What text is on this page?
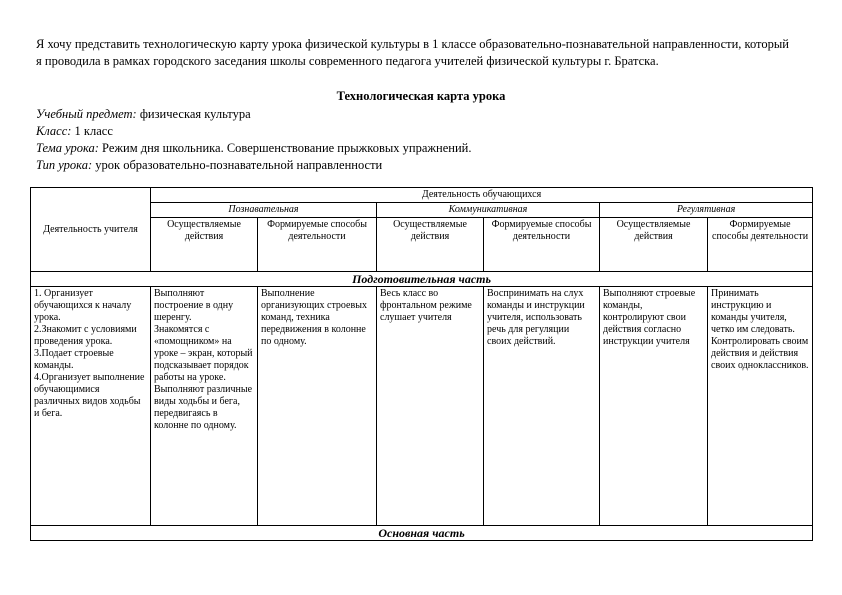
Я хочу представить технологическую карту урока физической культуры в 1 классе образовательно-познавательной направленности, который я проводила в рамках городского заседания школы современного педагога учителей физической культуры г. Братска.
Технологическая карта урока
Учебный предмет: физическая культура
Класс: 1 класс
Тема урока: Режим дня школьника. Совершенствование прыжковых упражнений.
Тип урока: урок образовательно-познавательной направленности
Деятельность учителя	Деятельность обучающихся					
	Познавательная		Коммуникативная		Регулятивная	
	Осуществляемые действия	Формируемые способы деятельности	Осуществляемые действия	Формируемые способы деятельности	Осуществляемые действия	Формируемые способы деятельности
Подготовительная часть						
1. Организует обучающихся к началу урока.
2.Знакомит с условиями проведения урока.
3.Подает строевые команды.
4.Организует выполнение обучающимися различных видов ходьбы и бега.	Выполняют построение в одну шеренгу.
Знакомятся с «помощником» на уроке – экран, который подсказывает порядок работы на уроке.
Выполняют различные виды ходьбы и бега, передвигаясь в колонне по одному.	Выполнение организующих строевых команд, техника передвижения в колонне по одному.	Весь класс во фронтальном режиме слушает учителя	Воспринимать на слух команды и инструкции учителя, использовать речь для регуляции своих действий.	Выполняют строевые команды, контролируют свои действия согласно инструкции учителя	Принимать инструкцию и команды учителя, четко им следовать. Контролировать своим действия и действия своих одноклассников.
Основная часть						
